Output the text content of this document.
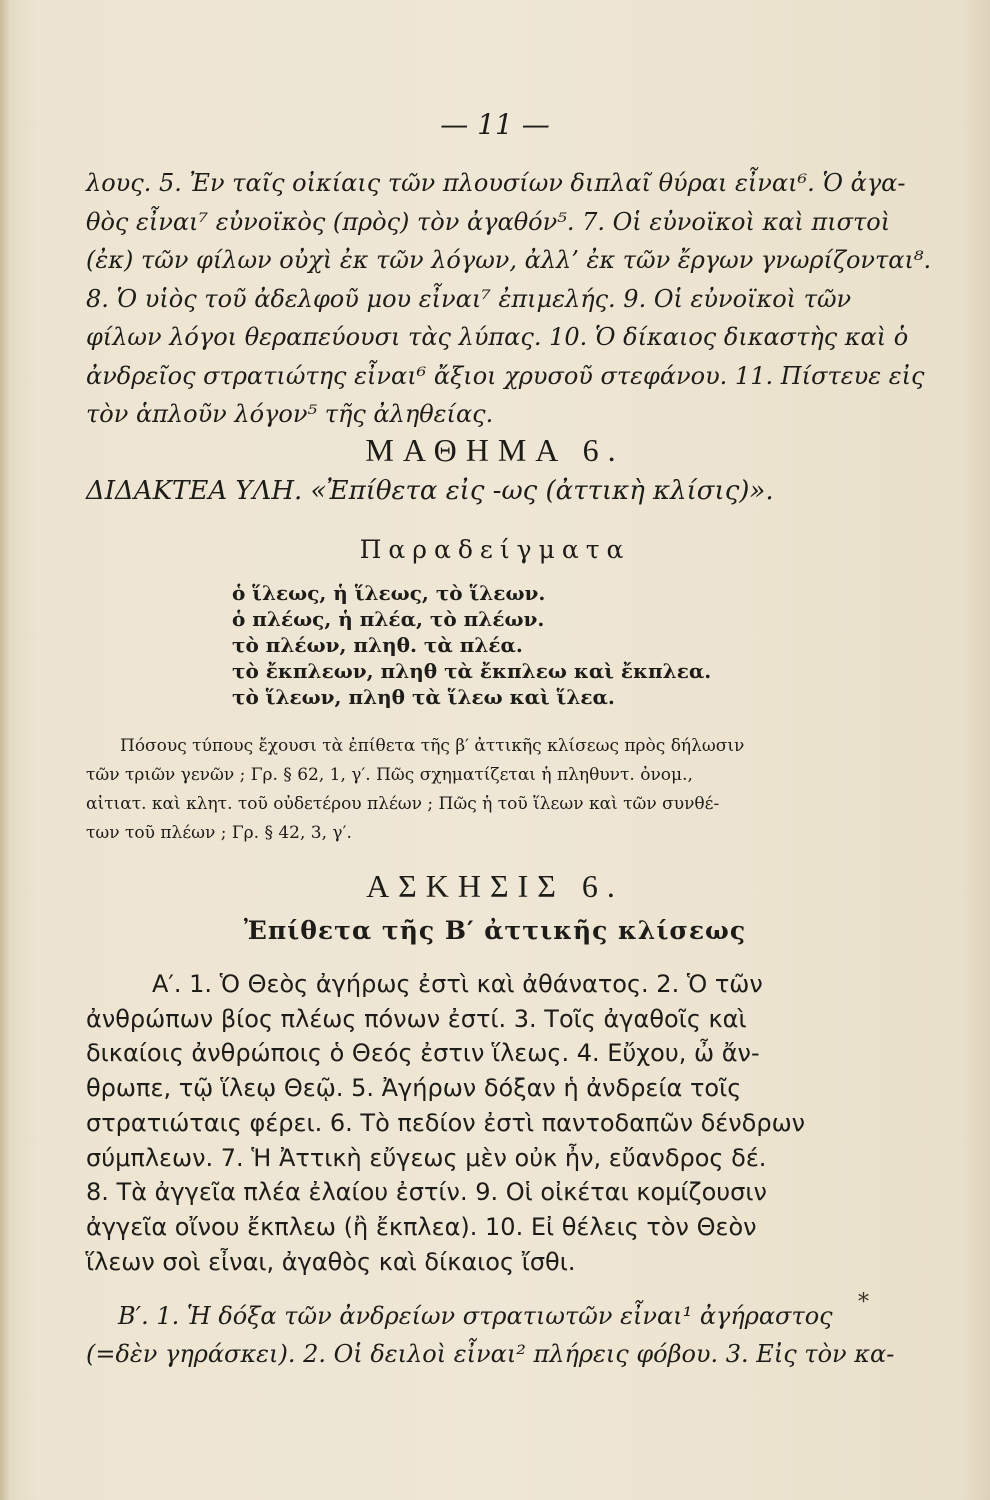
— 11 —
λους. 5. Ἐν ταῖς οἰκίαις τῶν πλουσίων διπλαῖ θύραι εἶναι⁶. Ὁ ἀγα-
θὸς εἶναι⁷ εὐνοϊκὸς (πρὸς) τὸν ἀγαθόν⁵. 7. Οἱ εὐνοϊκοὶ καὶ πιστοὶ
(ἐκ) τῶν φίλων οὐχὶ ἐκ τῶν λόγων, ἀλλ’ ἐκ τῶν ἔργων γνωρίζονται⁸.
8. Ὁ υἱὸς τοῦ ἀδελφοῦ μου εἶναι⁷ ἐπιμελής. 9. Οἱ εὐνοϊκοὶ τῶν
φίλων λόγοι θεραπεύουσι τὰς λύπας. 10. Ὁ δίκαιος δικαστὴς καὶ ὁ
ἀνδρεῖος στρατιώτης εἶναι⁶ ἄξιοι χρυσοῦ στεφάνου. 11. Πίστευε εἰς
τὸν ἁπλοῦν λόγον⁵ τῆς ἀληθείας.
ΜΑΘΗΜΑ 6.
ΔΙΔΑΚΤΕΑ ΥΛΗ. «Ἐπίθετα εἰς -ως (ἀττικὴ κλίσις)».
Παραδείγματα
ὁ ἵλεως, ἡ ἵλεως, τὸ ἵλεων.
ὁ πλέως, ἡ πλέα, τὸ πλέων.
τὸ πλέων, πληθ. τὰ πλέα.
τὸ ἔκπλεων, πληθ τὰ ἔκπλεω καὶ ἔκπλεα.
τὸ ἵλεων, πληθ τὰ ἵλεω καὶ ἵλεα.
Πόσους τύπους ἔχουσι τὰ ἐπίθετα τῆς β′ ἀττικῆς κλίσεως πρὸς δήλωσιν
τῶν τριῶν γενῶν ; Γρ. § 62, 1, γ′. Πῶς σχηματίζεται ἡ πληθυντ. ὀνομ.,
αἰτιατ. καὶ κλητ. τοῦ οὐδετέρου πλέων ; Πῶς ἡ τοῦ ἵλεων καὶ τῶν συνθέ-
των τοῦ πλέων ; Γρ. § 42, 3, γ′.
ΑΣΚΗΣΙΣ 6.
Ἐπίθετα τῆς Β′ ἀττικῆς κλίσεως
Α′. 1. Ὁ Θεὸς ἀγήρως ἐστὶ καὶ ἀθάνατος. 2. Ὁ τῶν
ἀνθρώπων βίος πλέως πόνων ἐστί. 3. Τοῖς ἀγαθοῖς καὶ
δικαίοις ἀνθρώποις ὁ Θεός ἐστιν ἵλεως. 4. Εὔχου, ὦ ἄν-
θρωπε, τῷ ἵλεῳ Θεῷ. 5. Ἀγήρων δόξαν ἡ ἀνδρεία τοῖς
στρατιώταις φέρει. 6. Τὸ πεδίον ἐστὶ παντοδαπῶν δένδρων
σύμπλεων. 7. Ἡ Ἀττικὴ εὔγεως μὲν οὐκ ἦν, εὔανδρος δέ.
8. Τὰ ἀγγεῖα πλέα ἐλαίου ἐστίν. 9. Οἱ οἰκέται κομίζουσιν
ἀγγεῖα οἴνου ἔκπλεω (ἢ ἔκπλεα). 10. Εἰ θέλεις τὸν Θεὸν
ἵλεων σοὶ εἶναι, ἀγαθὸς καὶ δίκαιος ἴσθι.
Β′. 1. Ἡ δόξα τῶν ἀνδρείων στρατιωτῶν εἶναι¹ ἀγήραστος
(=δὲν γηράσκει). 2. Οἱ δειλοὶ εἶναι² πλήρεις φόβου. 3. Εἰς τὸν κα-
*
